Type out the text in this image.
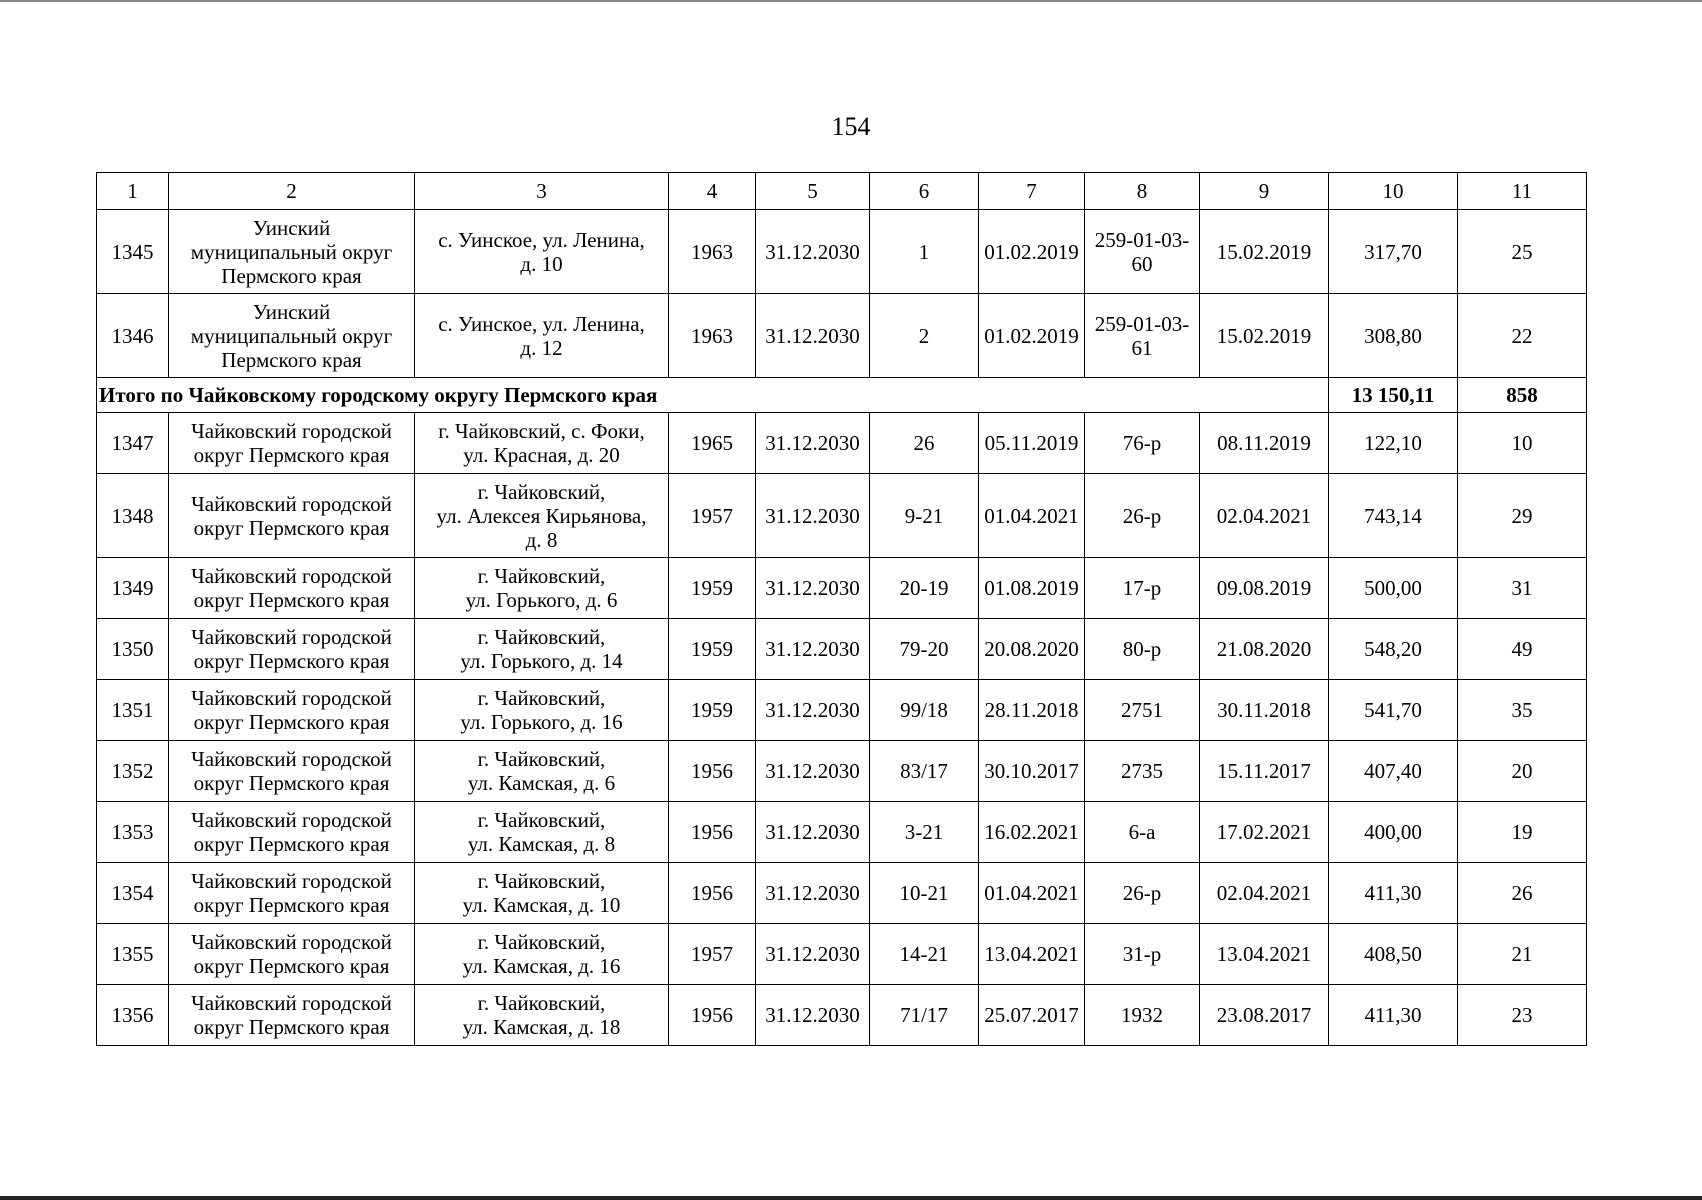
154
1	2	3	4	5	6	7	8	9	10	11
1345	Уинский
муниципальный округ
Пермского края	с. Уинское, ул. Ленина,
д. 10	1963	31.12.2030	1	01.02.2019	259-01-03-
60	15.02.2019	317,70	25
1346	Уинский
муниципальный округ
Пермского края	с. Уинское, ул. Ленина,
д. 12	1963	31.12.2030	2	01.02.2019	259-01-03-
61	15.02.2019	308,80	22
Итого по Чайковскому городскому округу Пермского края									13 150,11	858
1347	Чайковский городской
округ Пермского края	г. Чайковский, с. Фоки,
ул. Красная, д. 20	1965	31.12.2030	26	05.11.2019	76-р	08.11.2019	122,10	10
1348	Чайковский городской
округ Пермского края	г. Чайковский,
ул. Алексея Кирьянова,
д. 8	1957	31.12.2030	9-21	01.04.2021	26-р	02.04.2021	743,14	29
1349	Чайковский городской
округ Пермского края	г. Чайковский,
ул. Горького, д. 6	1959	31.12.2030	20-19	01.08.2019	17-р	09.08.2019	500,00	31
1350	Чайковский городской
округ Пермского края	г. Чайковский,
ул. Горького, д. 14	1959	31.12.2030	79-20	20.08.2020	80-р	21.08.2020	548,20	49
1351	Чайковский городской
округ Пермского края	г. Чайковский,
ул. Горького, д. 16	1959	31.12.2030	99/18	28.11.2018	2751	30.11.2018	541,70	35
1352	Чайковский городской
округ Пермского края	г. Чайковский,
ул. Камская, д. 6	1956	31.12.2030	83/17	30.10.2017	2735	15.11.2017	407,40	20
1353	Чайковский городской
округ Пермского края	г. Чайковский,
ул. Камская, д. 8	1956	31.12.2030	3-21	16.02.2021	6-а	17.02.2021	400,00	19
1354	Чайковский городской
округ Пермского края	г. Чайковский,
ул. Камская, д. 10	1956	31.12.2030	10-21	01.04.2021	26-р	02.04.2021	411,30	26
1355	Чайковский городской
округ Пермского края	г. Чайковский,
ул. Камская, д. 16	1957	31.12.2030	14-21	13.04.2021	31-р	13.04.2021	408,50	21
1356	Чайковский городской
округ Пермского края	г. Чайковский,
ул. Камская, д. 18	1956	31.12.2030	71/17	25.07.2017	1932	23.08.2017	411,30	23
